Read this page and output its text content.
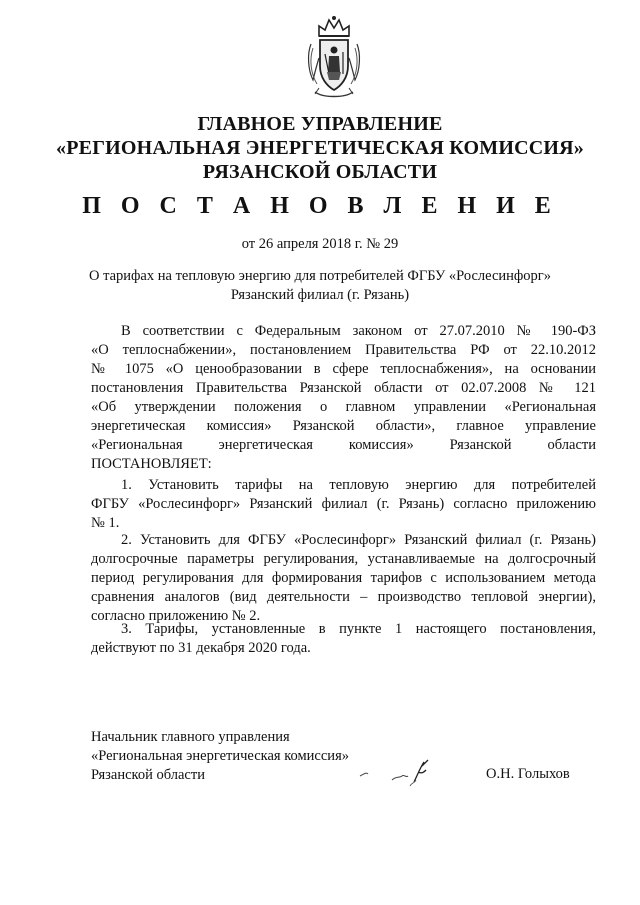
ГЛАВНОЕ УПРАВЛЕНИЕ
«РЕГИОНАЛЬНАЯ ЭНЕРГЕТИЧЕСКАЯ КОМИССИЯ»
РЯЗАНСКОЙ ОБЛАСТИ
П О С Т А Н О В Л Е Н И Е
от 26 апреля 2018 г. № 29
О тарифах на тепловую энергию для потребителей ФГБУ «Рослесинфорг»
Рязанский филиал (г. Рязань)
В соответствии с Федеральным законом от 27.07.2010 № 190-ФЗ
«О теплоснабжении», постановлением Правительства РФ от 22.10.2012
№ 1075 «О ценообразовании в сфере теплоснабжения», на основании
постановления Правительства Рязанской области от 02.07.2008 № 121
«Об утверждении положения о главном управлении «Региональная
энергетическая комиссия» Рязанской области», главное управление
«Региональная энергетическая комиссия» Рязанской области
ПОСТАНОВЛЯЕТ:
1. Установить тарифы на тепловую энергию для потребителей
ФГБУ «Рослесинфорг» Рязанский филиал (г. Рязань) согласно приложению
№ 1.
2. Установить для ФГБУ «Рослесинфорг» Рязанский филиал (г. Рязань)
долгосрочные параметры регулирования, устанавливаемые на долгосрочный
период регулирования для формирования тарифов с использованием метода
сравнения аналогов (вид деятельности – производство тепловой энергии),
согласно приложению № 2.
3. Тарифы, установленные в пункте 1 настоящего постановления,
действуют по 31 декабря 2020 года.
Начальник главного управления
«Региональная энергетическая комиссия»
Рязанской области	О.Н. Голыхов
